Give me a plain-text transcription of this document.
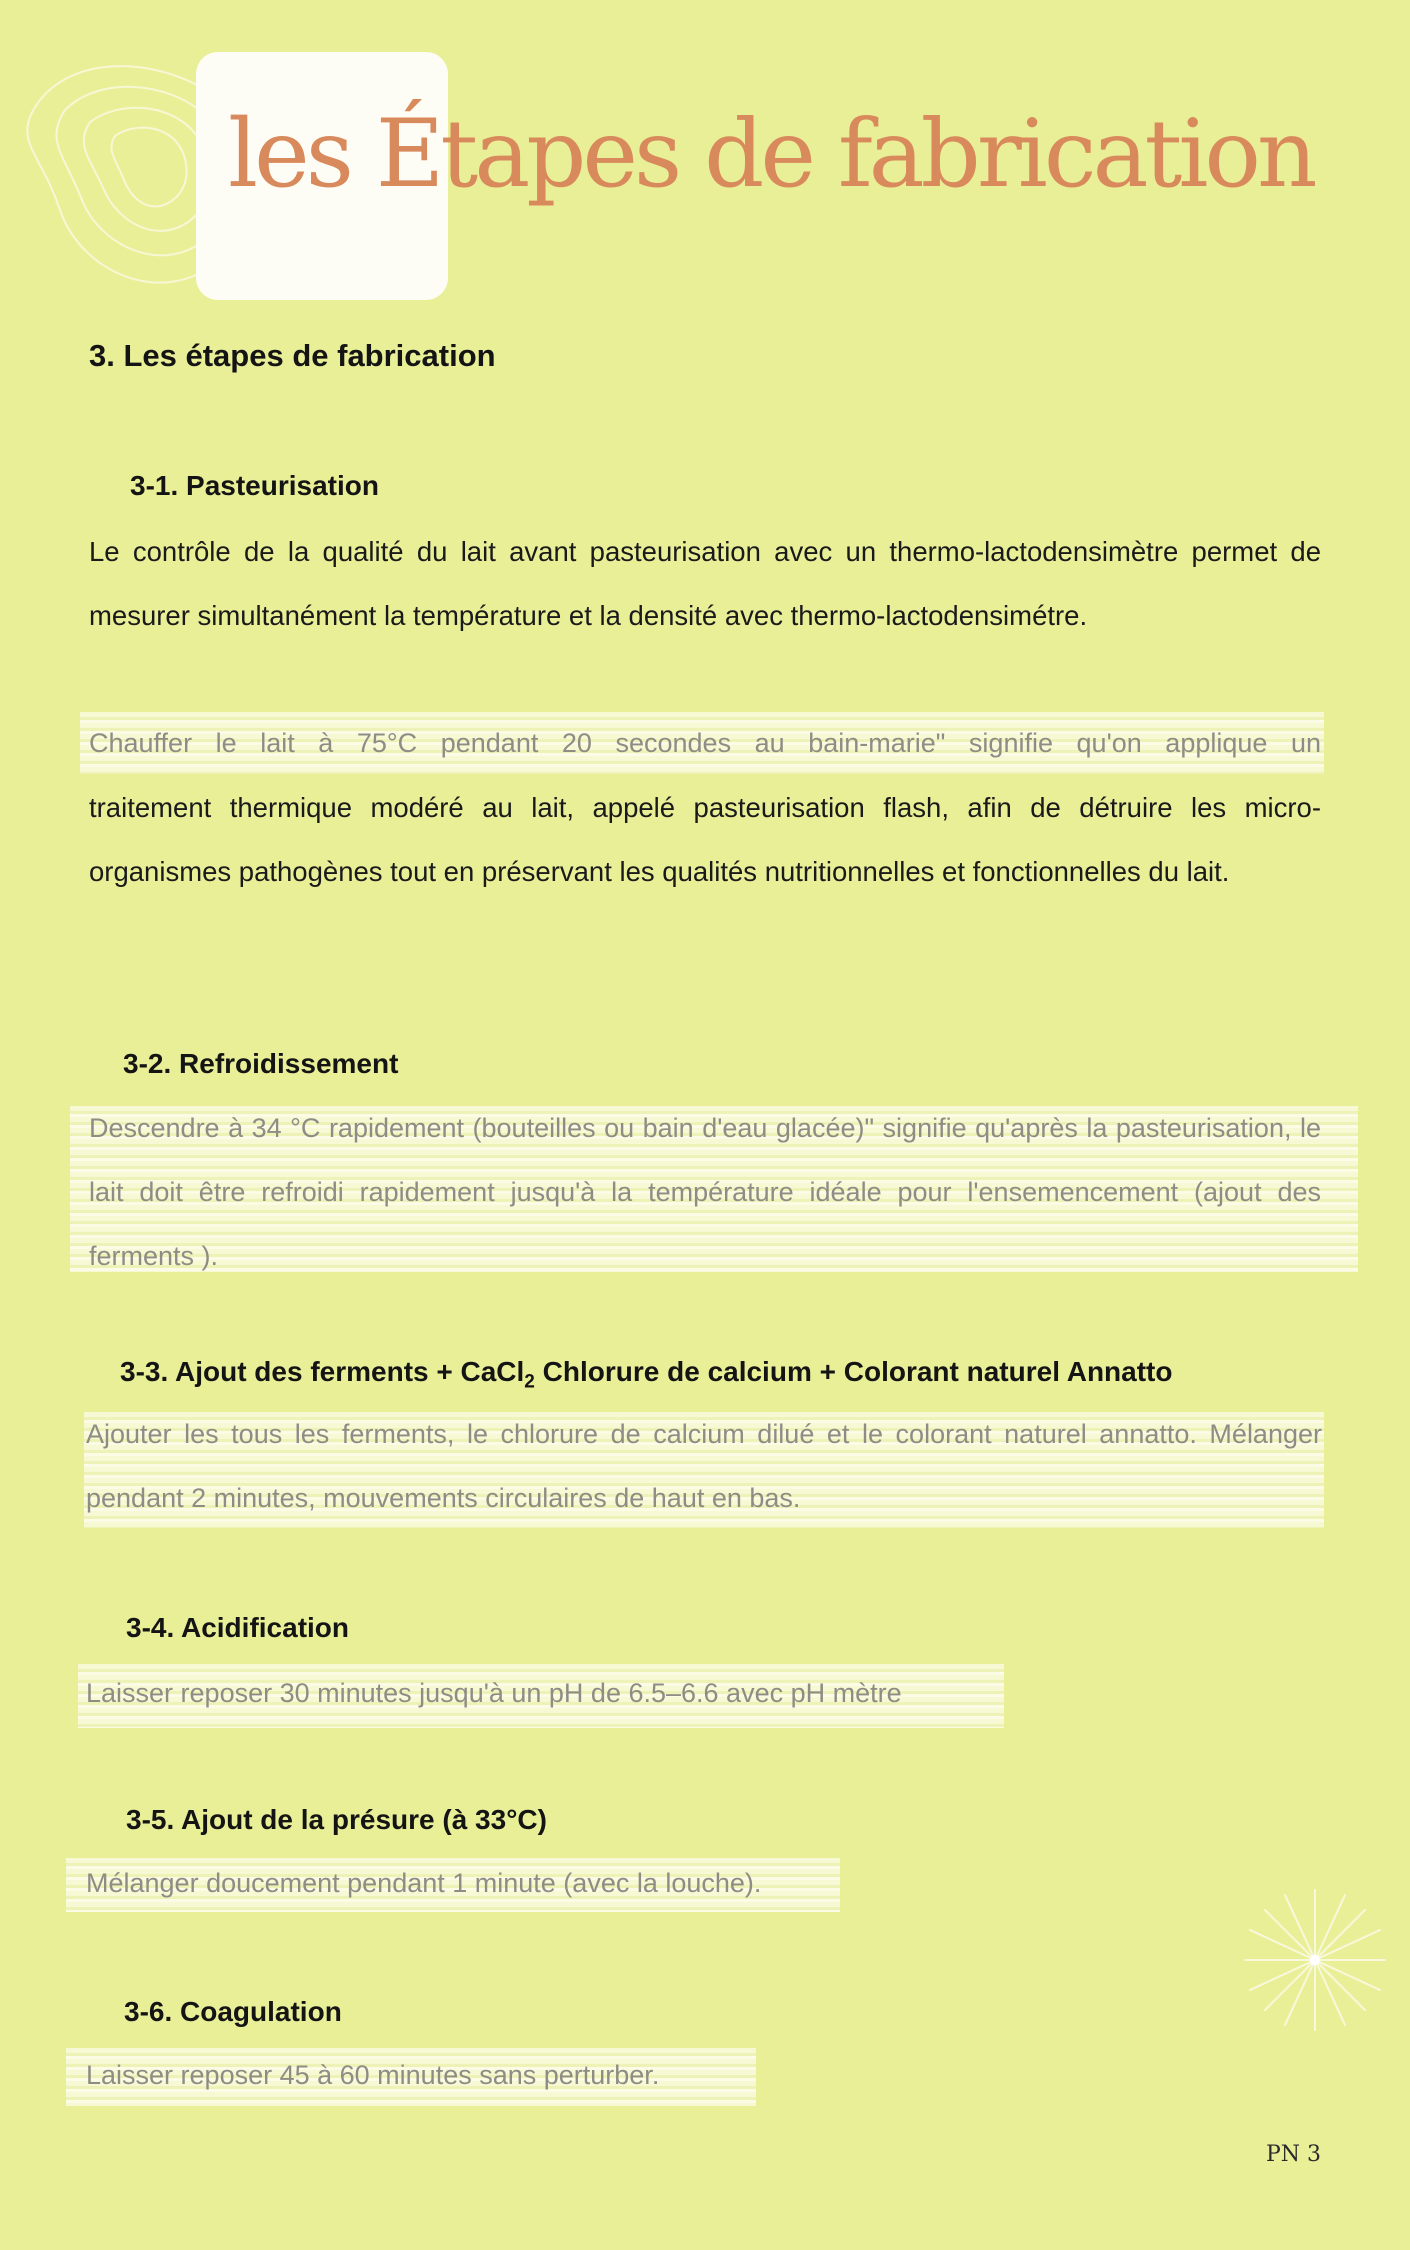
les Étapes de fabrication
3. Les étapes de fabrication
3-1. Pasteurisation

Le contrôle de la qualité du lait avant pasteurisation avec un thermo-lactodensimètre permet de mesurer simultanément la température et la densité avec thermo-lactodensimétre.

Chauffer le lait à 75°C pendant 20 secondes au bain-marie" signifie qu'on applique un

traitement thermique modéré au lait, appelé pasteurisation flash, afin de détruire les micro-organismes pathogènes tout en préservant les qualités nutritionnelles et fonctionnelles du lait.

3-2. Refroidissement

Descendre à 34 °C rapidement (bouteilles ou bain d'eau glacée)" signifie qu'après la pasteurisation, le lait doit être refroidi rapidement jusqu'à la température idéale pour l'ensemencement (ajout des ferments ).

3-3. Ajout des ferments + CaCl$_2$ Chlorure de calcium + Colorant naturel Annatto

Ajouter les tous les ferments, le chlorure de calcium dilué et le colorant naturel annatto. Mélanger pendant 2 minutes, mouvements circulaires de haut en bas.

3-4. Acidification

Laisser reposer 30 minutes jusqu'à un pH de 6.5–6.6 avec pH mètre

3-5. Ajout de la présure (à 33°C)

Mélanger doucement pendant 1 minute (avec la louche).

3-6. Coagulation

Laisser reposer 45 à 60 minutes sans perturber.

PN 3
